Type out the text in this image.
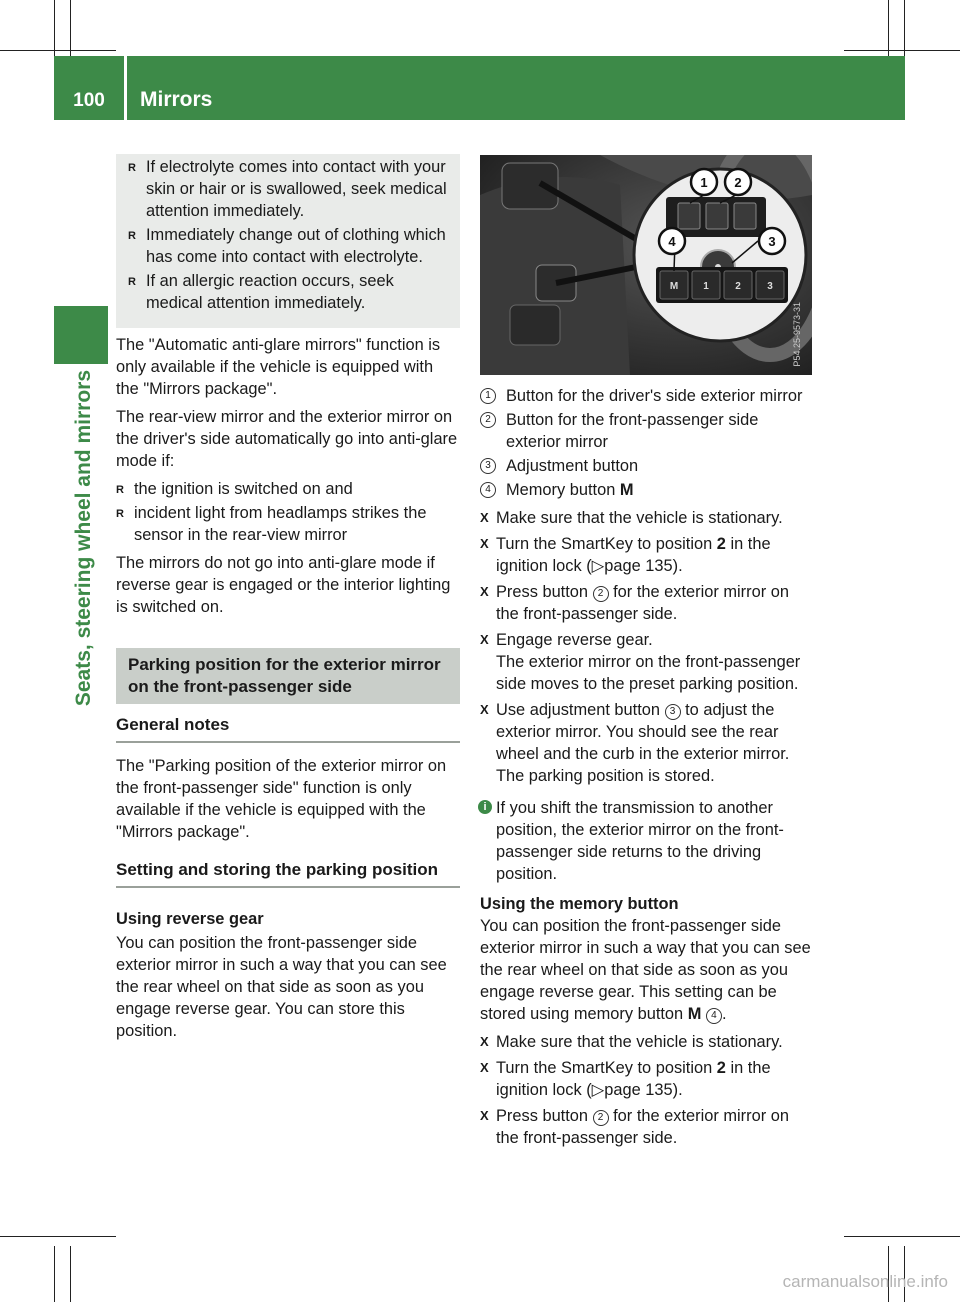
100	Mirrors
Seats, steering wheel and mirrors
R If electrolyte comes into contact with your skin or hair or is swallowed, seek medical attention immediately.
R Immediately change out of clothing which has come into contact with electrolyte.
R If an allergic reaction occurs, seek medical attention immediately.

The "Automatic anti-glare mirrors" function is only available if the vehicle is equipped with the "Mirrors package".

The rear-view mirror and the exterior mirror on the driver's side automatically go into anti-glare mode if:

R the ignition is switched on and
R incident light from headlamps strikes the sensor in the rear-view mirror

The mirrors do not go into anti-glare mode if reverse gear is engaged or the interior lighting is switched on.

Parking position for the exterior mirror on the front-passenger side
General notes

The "Parking position of the exterior mirror on the front-passenger side" function is only available if the vehicle is equipped with the "Mirrors package".

Setting and storing the parking position
Using reverse gear

You can position the front-passenger side exterior mirror in such a way that you can see the rear wheel on that side as soon as you engage reverse gear. You can store this position.

M	1	2	3
1 2
3
4
P54.25-9573-31
1 Button for the driver's side exterior mirror
2 Button for the front-passenger side exterior mirror
3 Adjustment button
4 Memory button M
X Make sure that the vehicle is stationary.
X Turn the SmartKey to position 2 in the ignition lock (▷page 135).
X Press button 2 for the exterior mirror on the front-passenger side.
X Engage reverse gear.
The exterior mirror on the front-passenger side moves to the preset parking position.
X Use adjustment button 3 to adjust the exterior mirror. You should see the rear wheel and the curb in the exterior mirror.
The parking position is stored.
i If you shift the transmission to another position, the exterior mirror on the front-passenger side returns to the driving position.
Using the memory button

You can position the front-passenger side exterior mirror in such a way that you can see the rear wheel on that side as soon as you engage reverse gear. This setting can be stored using memory button M 4 .

X Make sure that the vehicle is stationary.
X Turn the SmartKey to position 2 in the ignition lock (▷page 135).
X Press button 2 for the exterior mirror on the front-passenger side.
carmanualsonline.info
